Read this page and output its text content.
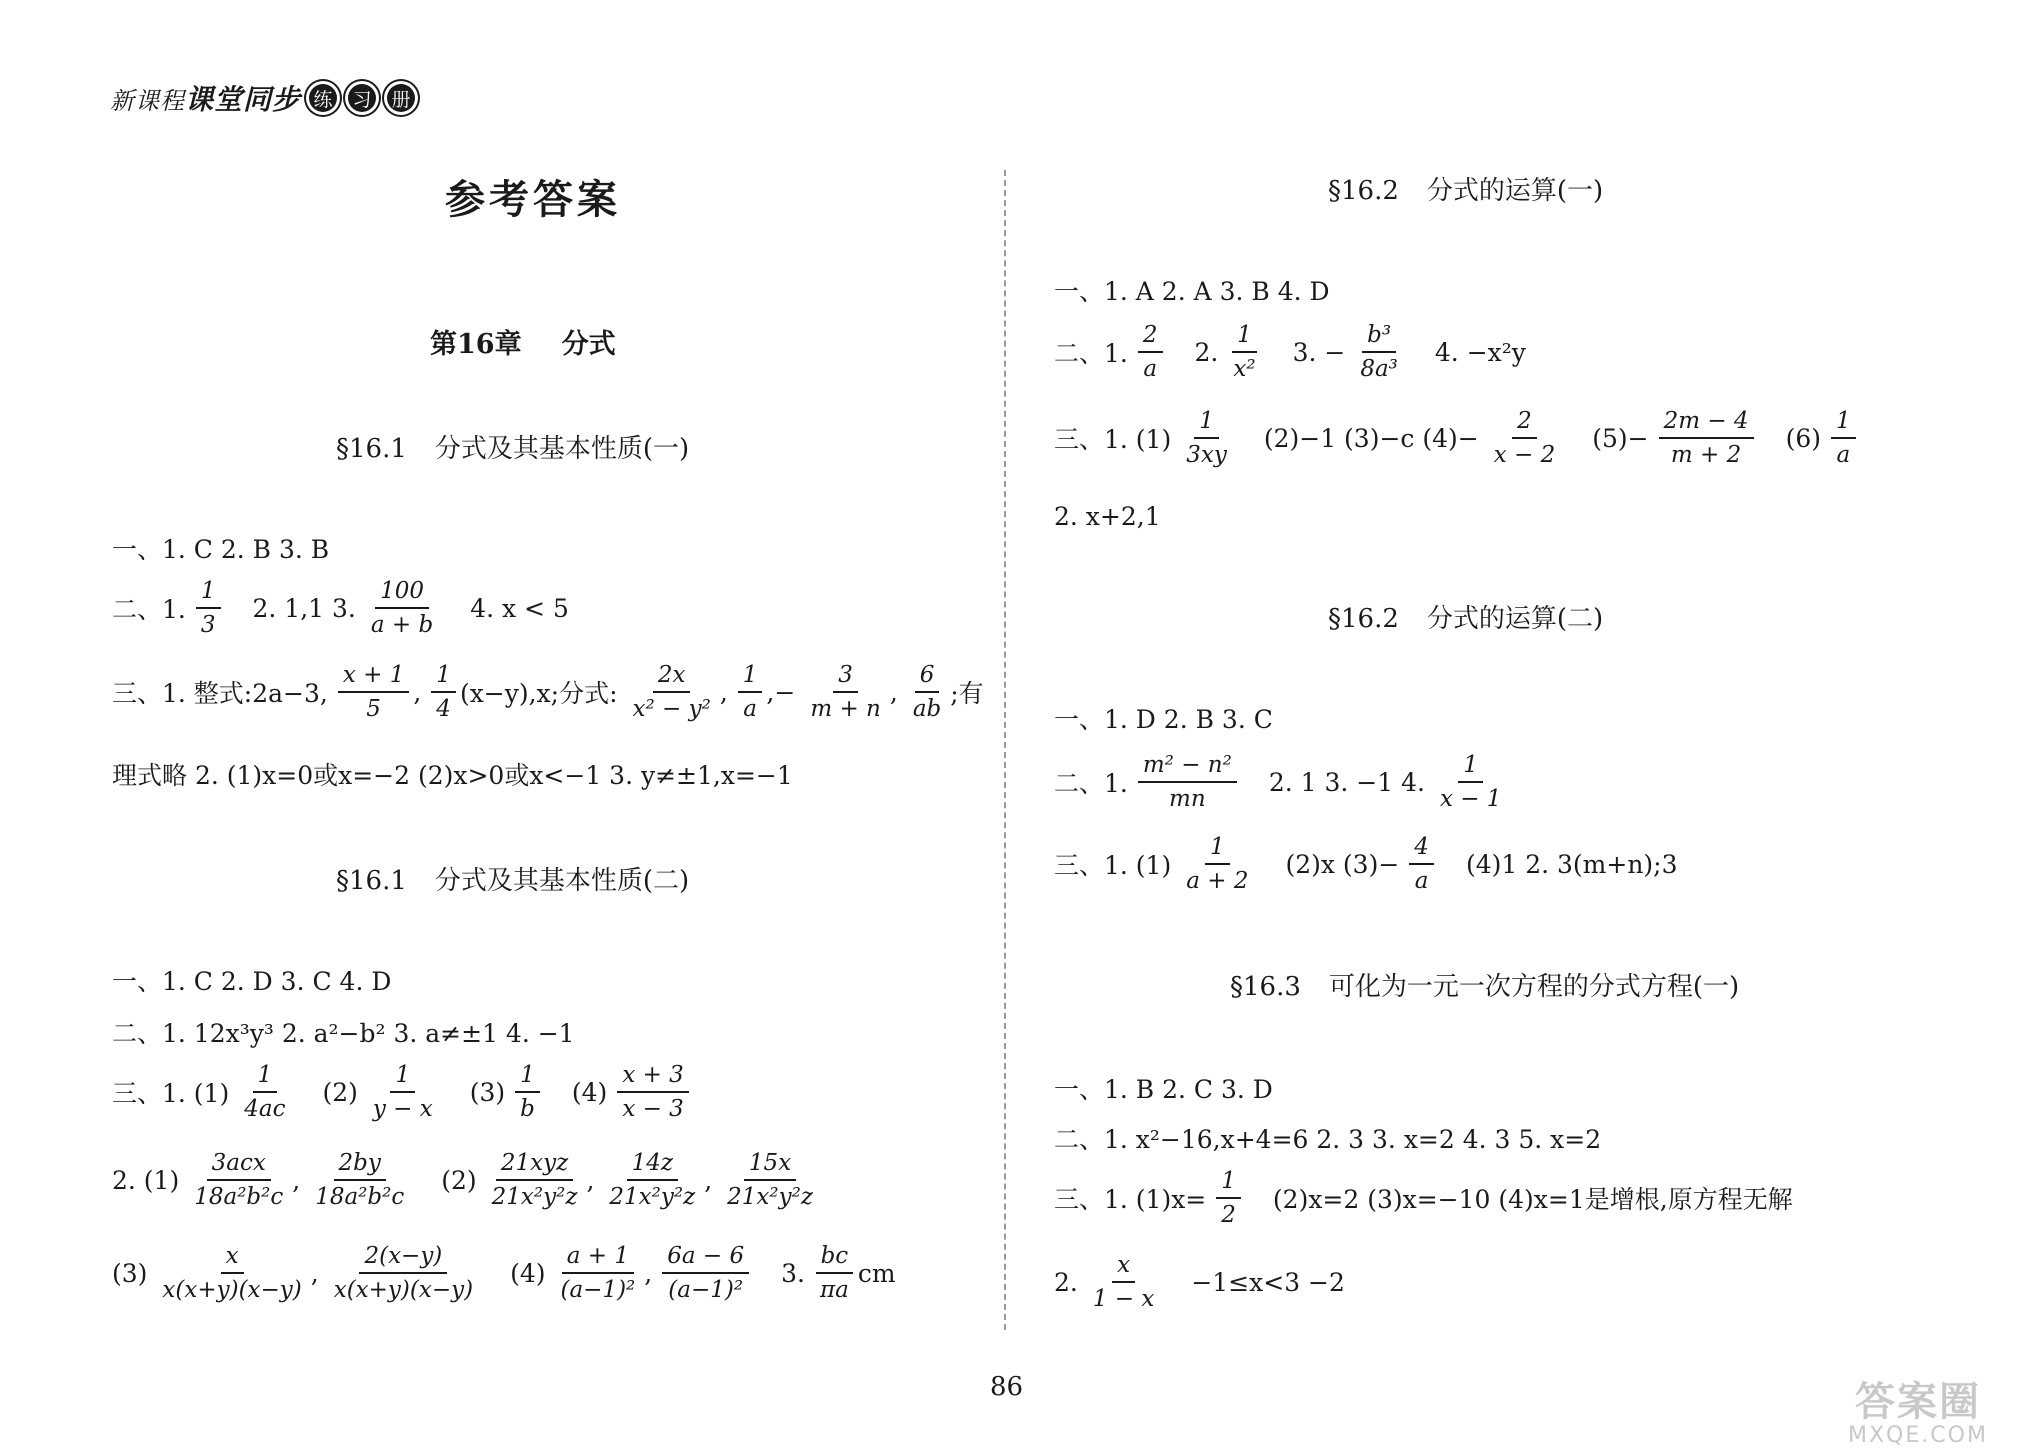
新课程 课堂同步 练	习	册
参考答案
第16章 分式
§16.1 分式及其基本性质(一)
一、1. C 2. B 3. B
二、1. $\frac{1}{3} 2$. 1,1 3. $\frac{100}{a + b} 4$. x < 5
三、1. 整式:2a−3, $\frac{x + 1}{5}$ , $\frac{1}{4} (x-y),x$;分式: $\frac{2x}{\text{x² − y²}}$ , $\frac{1}{a}$ ,− $\frac{3}{m + n}$ , $\frac{6}{ab}$ ;有
理式略 2. (1)x=0或x=−2 (2)x>0或x<−1 3. y≠±1,x=−1
§16.1 分式及其基本性质(二)
一、1. C 2. D 3. C 4. D
二、1. 12x³y³ 2. a²−b² 3. a≠±1 4. −1
三、1. $(1) \frac{1}{4ac} (2) \frac{1}{y - x} (3) \frac{1}{b} (4) \frac{x + 3}{x - 3}$
2. $(1) \frac{\text{3acx}}{\text{18a²b²c}}$ , $\frac{2by}{\text{18a²b²c}} (2) \frac{\text{21xyz}}{\text{21x²y²z}}$ , $\frac{14z}{\text{21x²y²z}}$ , $\frac{15x}{\text{21x²y²z}}$
$(3) \frac{x}{x(x+y)(x-y)}$ , $\frac{2(x-y)}{x(x+y)(x-y)} (4) \frac{a + 1}{\text{(a−1)²}}$ , $\frac{6a - 6}{\text{(a−1)²}} 3$. $\frac{bc}{\pi a}$ cm
§16.2 分式的运算(一)
一、1. A 2. A 3. B 4. D
二、1. $\frac{2}{a} 2$. $\frac{1}{\text{x²}} 3$. − $\frac{\text{b³}}{\text{8a³}} 4$. −x²y
三、1. $(1) \frac{1}{3xy} (2)-1$ (3)−c $(4)- \frac{2}{x - 2} (5)- \frac{2m - 4}{m + 2} (6) \frac{1}{a}$
2. x+2,1
§16.2 分式的运算(二)
一、1. D 2. B 3. C
二、1. $\frac{\text{m² − n²}}{mn} 2$. 1 3. −1 4. $\frac{1}{x - 1}$
三、1. $(1) \frac{1}{a + 2} (2)x$ $(3)- \frac{4}{a} (4)1$ 2. 3(m+n);3
§16.3 可化为一元一次方程的分式方程(一)
一、1. B 2. C 3. D
二、1. x²−16,x+4=6 2. 3 3. x=2 4. 3 5. x=2
三、1. $(1)x= \frac{1}{2} (2)x=2$ (3)x=−10 (4)x=1是增根,原方程无解
2. $\frac{x}{1 - x} -1\le x<3 -2$
86	答案圈
MXQE.COM
